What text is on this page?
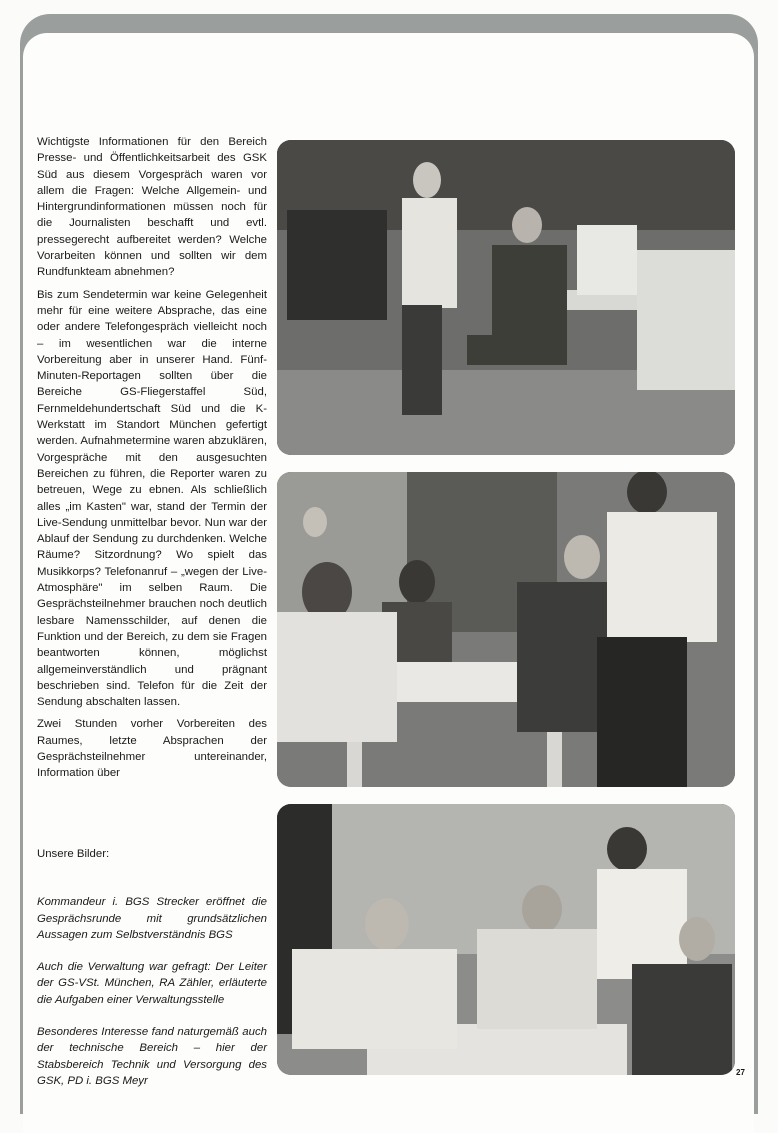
Wichtigste Informationen für den Bereich Presse- und Öffentlichkeitsarbeit des GSK Süd aus diesem Vorgespräch waren vor allem die Fragen: Welche Allgemein- und Hintergrundinformationen müssen noch für die Journalisten beschafft und evtl. pressegerecht aufbereitet werden? Welche Vorarbeiten können und sollten wir dem Rundfunkteam abnehmen?

Bis zum Sendetermin war keine Gelegenheit mehr für eine weitere Absprache, das eine oder andere Telefongespräch vielleicht noch – im wesentlichen war die interne Vorbereitung aber in unserer Hand. Fünf-Minuten-Reportagen sollten über die Bereiche GS-Fliegerstaffel Süd, Fernmeldehundertschaft Süd und die K-Werkstatt im Standort München gefertigt werden. Aufnahmetermine waren abzuklären, Vorgespräche mit den ausgesuchten Bereichen zu führen, die Reporter waren zu betreuen, Wege zu ebnen. Als schließlich alles „im Kasten" war, stand der Termin der Live-Sendung unmittelbar bevor. Nun war der Ablauf der Sendung zu durchdenken. Welche Räume? Sitzordnung? Wo spielt das Musikkorps? Telefonanruf – „wegen der Live-Atmosphäre" im selben Raum. Die Gesprächsteilnehmer brauchen noch deutlich lesbare Namensschilder, auf denen die Funktion und der Bereich, zu dem sie Fragen beantworten können, möglichst allgemeinverständlich und prägnant beschrieben sind. Telefon für die Zeit der Sendung abschalten lassen.

Zwei Stunden vorher Vorbereiten des Raumes, letzte Absprachen der Gesprächsteilnehmer untereinander, Information über

Unsere Bilder:

Kommandeur i. BGS Strecker eröffnet die Gesprächsrunde mit grundsätzlichen Aussagen zum Selbstverständnis BGS

Auch die Verwaltung war gefragt: Der Leiter der GS-VSt. München, RA Zähler, erläuterte die Aufgaben einer Verwaltungsstelle

Besonderes Interesse fand naturgemäß auch der technische Bereich – hier der Stabsbereich Technik und Versorgung des GSK, PD i. BGS Meyr

27
